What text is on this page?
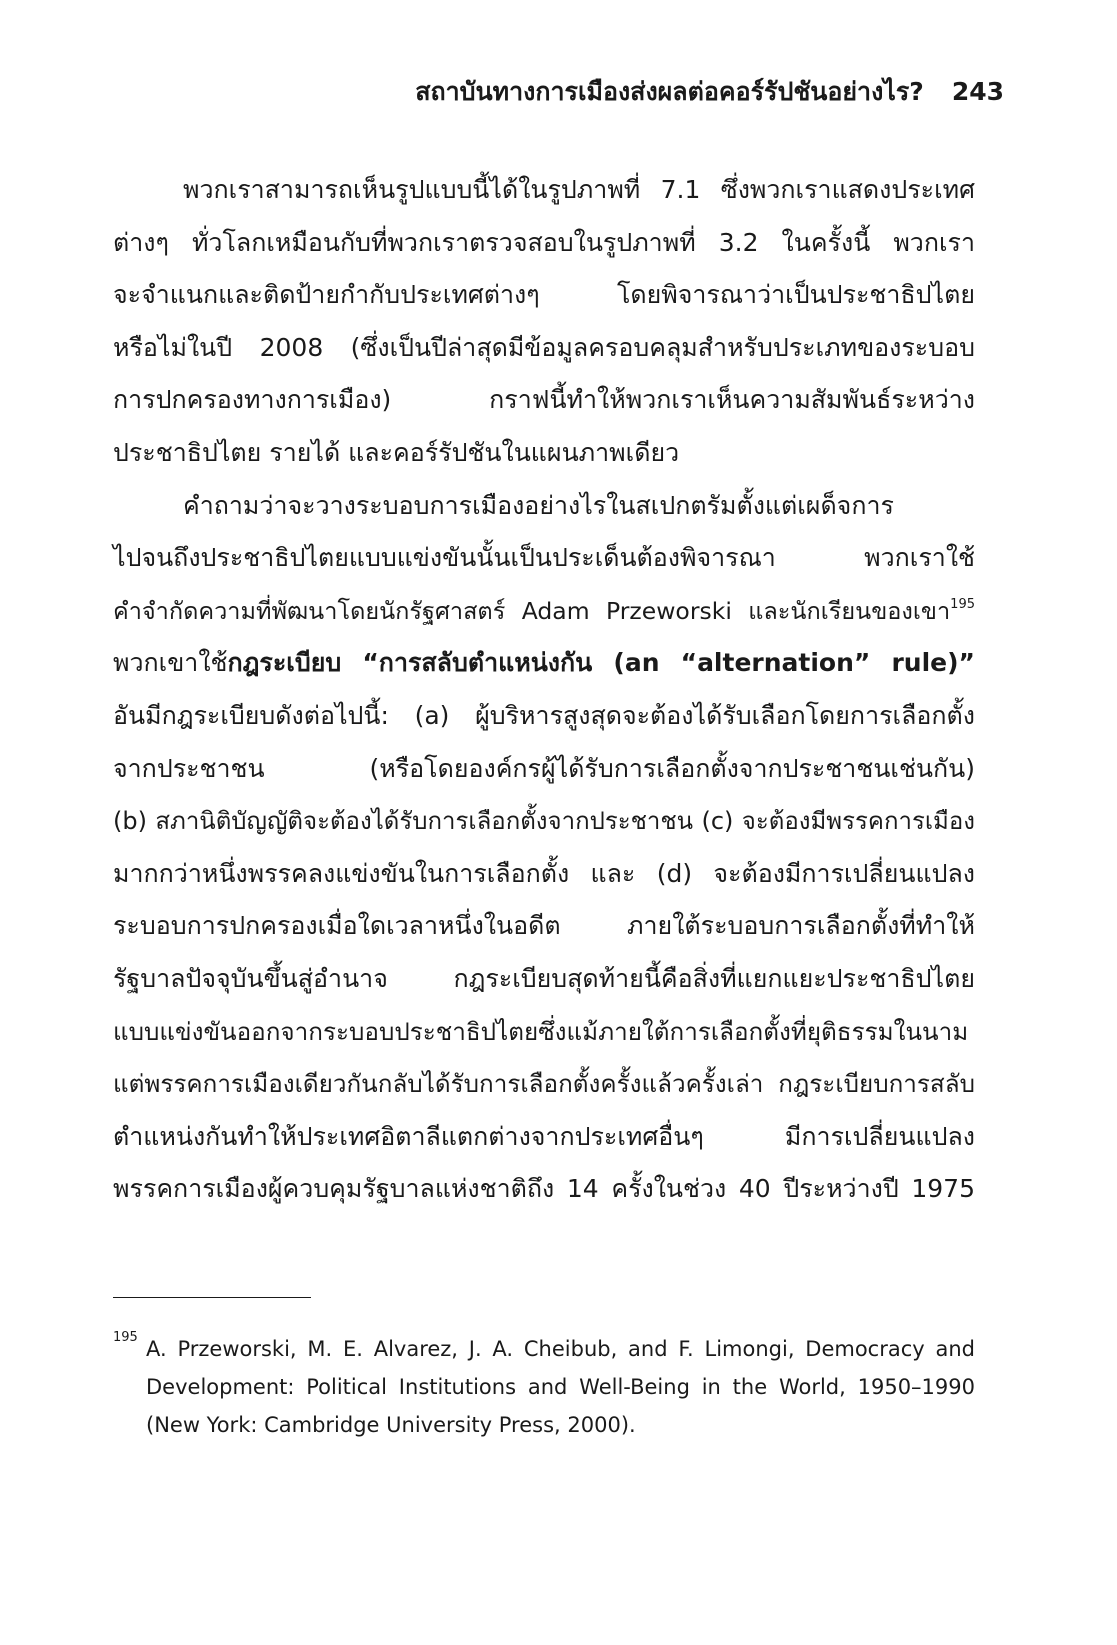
สถาบันทางการเมืองส่งผลต่อคอร์รัปชันอย่างไร? 243
พวกเราสามารถเห็นรูปแบบนี้ได้ในรูปภาพที่ 7.1 ซึ่งพวกเราแสดงประเทศ
ต่างๆ ทั่วโลกเหมือนกับที่พวกเราตรวจสอบในรูปภาพที่ 3.2 ในครั้งนี้ พวกเรา
จะจำแนกและติดป้ายกำกับประเทศต่างๆ โดยพิจารณาว่าเป็นประชาธิปไตย
หรือไม่ในปี 2008 (ซึ่งเป็นปีล่าสุดมีข้อมูลครอบคลุมสำหรับประเภทของระบอบ
การปกครองทางการเมือง) กราฟนี้ทำให้พวกเราเห็นความสัมพันธ์ระหว่าง
ประชาธิปไตย รายได้ และคอร์รัปชันในแผนภาพเดียว
คำถามว่าจะวางระบอบการเมืองอย่างไรในสเปกตรัมตั้งแต่เผด็จการ
ไปจนถึงประชาธิปไตยแบบแข่งขันนั้นเป็นประเด็นต้องพิจารณา พวกเราใช้
คำจำกัดความที่พัฒนาโดยนักรัฐศาสตร์ Adam Przeworski และนักเรียนของเขา$^{195}$
พวกเขาใช้กฎระเบียบ “การสลับตำแหน่งกัน (an “alternation” rule)”
อันมีกฎระเบียบดังต่อไปนี้: (a) ผู้บริหารสูงสุดจะต้องได้รับเลือกโดยการเลือกตั้ง
จากประชาชน (หรือโดยองค์กรผู้ได้รับการเลือกตั้งจากประชาชนเช่นกัน)
(b) สภานิติบัญญัติจะต้องได้รับการเลือกตั้งจากประชาชน (c) จะต้องมีพรรคการเมือง
มากกว่าหนึ่งพรรคลงแข่งขันในการเลือกตั้ง และ (d) จะต้องมีการเปลี่ยนแปลง
ระบอบการปกครองเมื่อใดเวลาหนึ่งในอดีต ภายใต้ระบอบการเลือกตั้งที่ทำให้
รัฐบาลปัจจุบันขึ้นสู่อำนาจ กฎระเบียบสุดท้ายนี้คือสิ่งที่แยกแยะประชาธิปไตย
แบบแข่งขันออกจากระบอบประชาธิปไตยซึ่งแม้ภายใต้การเลือกตั้งที่ยุติธรรมในนาม
แต่พรรคการเมืองเดียวกันกลับได้รับการเลือกตั้งครั้งแล้วครั้งเล่า กฎระเบียบการสลับ
ตำแหน่งกันทำให้ประเทศอิตาลีแตกต่างจากประเทศอื่นๆ มีการเปลี่ยนแปลง
พรรคการเมืองผู้ควบคุมรัฐบาลแห่งชาติถึง 14 ครั้งในช่วง 40 ปีระหว่างปี 1975
195 A. Przeworski, M. E. Alvarez, J. A. Cheibub, and F. Limongi, Democracy and
Development: Political Institutions and Well-Being in the World, 1950–1990
(New York: Cambridge University Press, 2000).
